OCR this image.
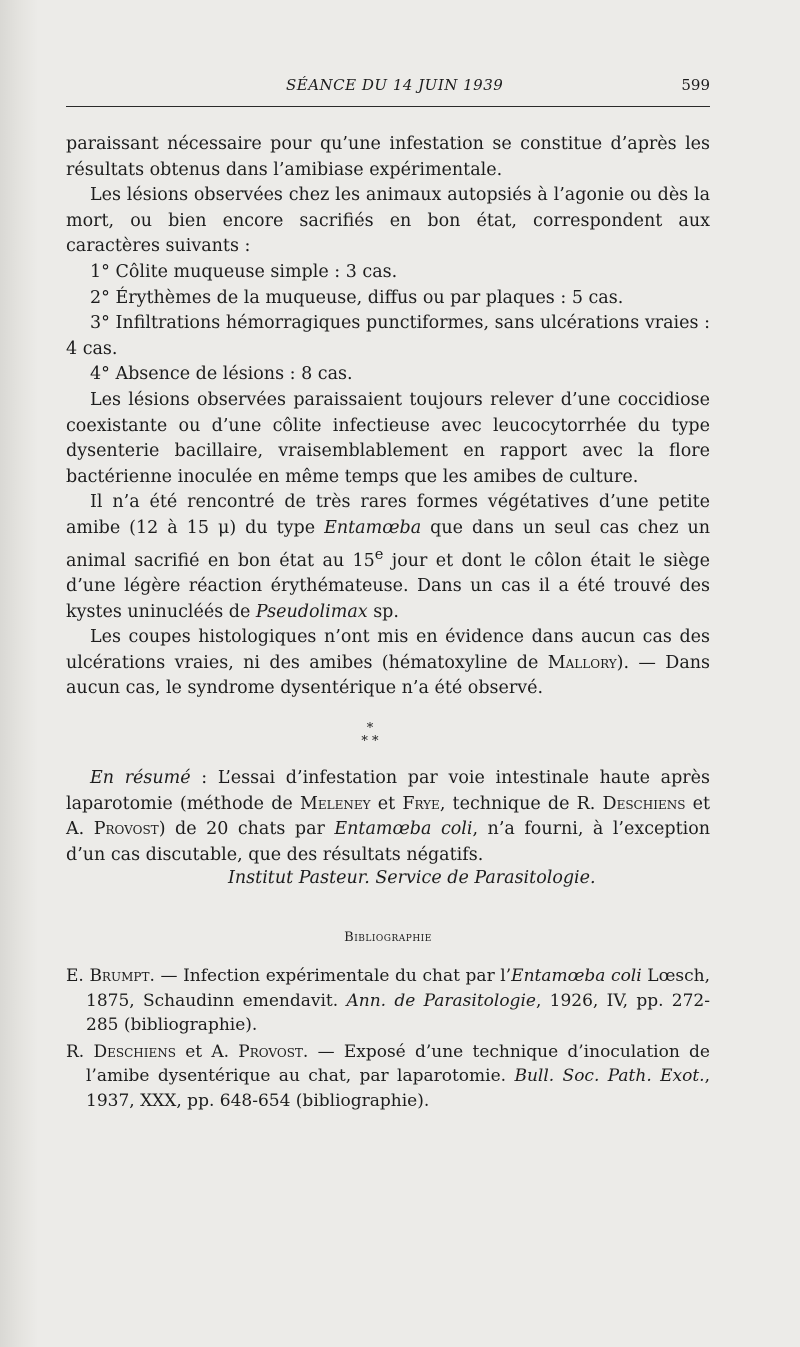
SÉANCE DU 14 JUIN 1939	599

paraissant nécessaire pour qu’une infestation se constitue d’après les résultats obtenus dans l’amibiase expérimentale.

Les lésions observées chez les animaux autopsiés à l’agonie ou dès la mort, ou bien encore sacrifiés en bon état, correspondent aux caractères suivants :

1° Côlite muqueuse simple : 3 cas.

2° Érythèmes de la muqueuse, diffus ou par plaques : 5 cas.

3° Infiltrations hémorragiques punctiformes, sans ulcérations vraies : 4 cas.

4° Absence de lésions : 8 cas.

Les lésions observées paraissaient toujours relever d’une coccidiose coexistante ou d’une côlite infectieuse avec leucocytorrhée du type dysenterie bacillaire, vraisemblablement en rapport avec la flore bactérienne inoculée en même temps que les amibes de culture.

Il n’a été rencontré de très rares formes végétatives d’une petite amibe (12 à 15 μ) du type Entamœba que dans un seul cas chez un animal sacrifié en bon état au 15e jour et dont le côlon était le siège d’une légère réaction érythémateuse. Dans un cas il a été trouvé des kystes uninucléés de Pseudolimax sp.

Les coupes histologiques n’ont mis en évidence dans aucun cas des ulcérations vraies, ni des amibes (hématoxyline de Mallory). — Dans aucun cas, le syndrome dysentérique n’a été observé.

*
* *

En résumé : L’essai d’infestation par voie intestinale haute après laparotomie (méthode de Meleney et Frye, technique de R. Deschiens et A. Provost) de 20 chats par Entamœba coli, n’a fourni, à l’exception d’un cas discutable, que des résultats négatifs.

Institut Pasteur. Service de Parasitologie.
Bibliographie

E. Brumpt. — Infection expérimentale du chat par l’Entamœba coli Lœsch, 1875, Schaudinn emendavit. Ann. de Parasitologie, 1926, IV, pp. 272-285 (bibliographie).

R. Deschiens et A. Provost. — Exposé d’une technique d’inoculation de l’amibe dysentérique au chat, par laparotomie. Bull. Soc. Path. Exot., 1937, XXX, pp. 648-654 (bibliographie).
